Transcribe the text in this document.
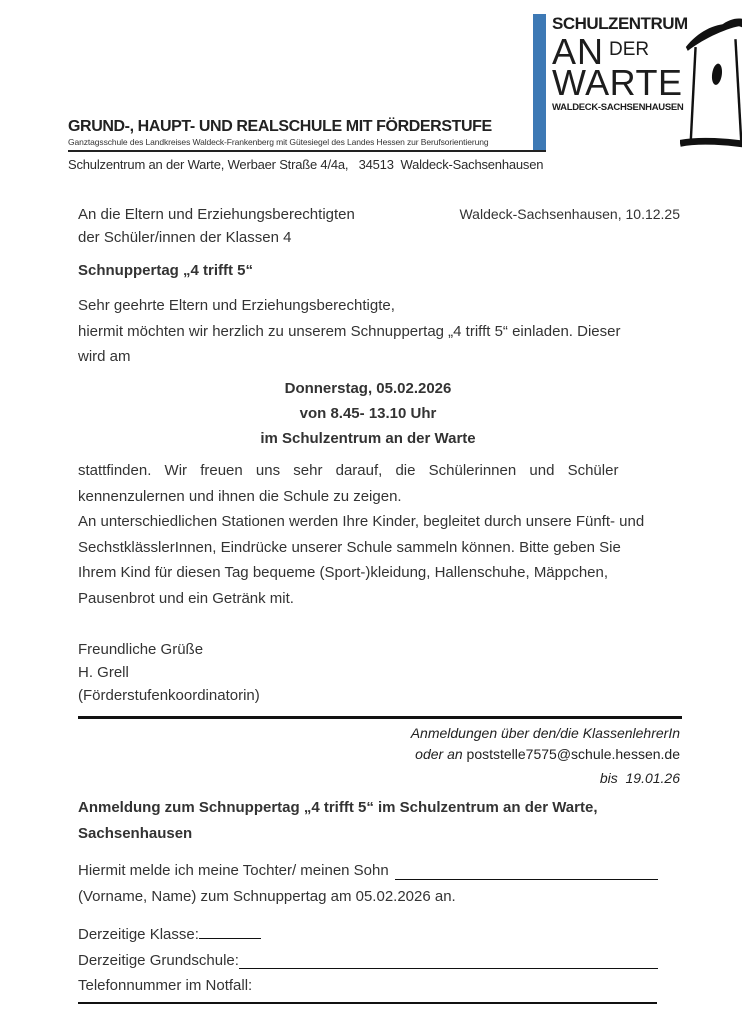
GRUND-, HAUPT- UND REALSCHULE MIT FÖRDERSTUFE
Ganztagsschule des Landkreises Waldeck-Frankenberg mit Gütesiegel des Landes Hessen zur Berufsorientierung
Schulzentrum an der Warte, Werbaer Straße 4/4a,   34513  Waldeck-Sachsenhausen
SCHULZENTRUM
AN DER
WARTE
WALDECK-SACHSENHAUSEN
An die Eltern und Erziehungsberechtigten
der Schüler/innen der Klassen 4
Waldeck-Sachsenhausen, 10.12.25
Schnuppertag „4 trifft 5“
Sehr geehrte Eltern und Erziehungsberechtigte,
hiermit möchten wir herzlich zu unserem Schnuppertag „4 trifft 5“ einladen. Dieser
wird am
Donnerstag, 05.02.2026
von 8.45- 13.10 Uhr
im Schulzentrum an der Warte
stattfinden. Wir freuen uns sehr darauf, die Schülerinnen und Schüler
kennenzulernen und ihnen die Schule zu zeigen.
An unterschiedlichen Stationen werden Ihre Kinder, begleitet durch unsere Fünft- und
SechstklässlerInnen, Eindrücke unserer Schule sammeln können. Bitte geben Sie
Ihrem Kind für diesen Tag bequeme (Sport-)kleidung, Hallenschuhe, Mäppchen,
Pausenbrot und ein Getränk mit.
Freundliche Grüße
H. Grell
(Förderstufenkoordinatorin)
Anmeldungen über den/die KlassenlehrerIn
oder an poststelle7575@schule.hessen.de
bis  19.01.26
Anmeldung zum Schnuppertag „4 trifft 5“ im Schulzentrum an der Warte,
Sachsenhausen
Hiermit melde ich meine Tochter/ meinen Sohn
(Vorname, Name) zum Schnuppertag am 05.02.2026 an.
Derzeitige Klasse:
Derzeitige Grundschule:
Telefonnummer im Notfall:
